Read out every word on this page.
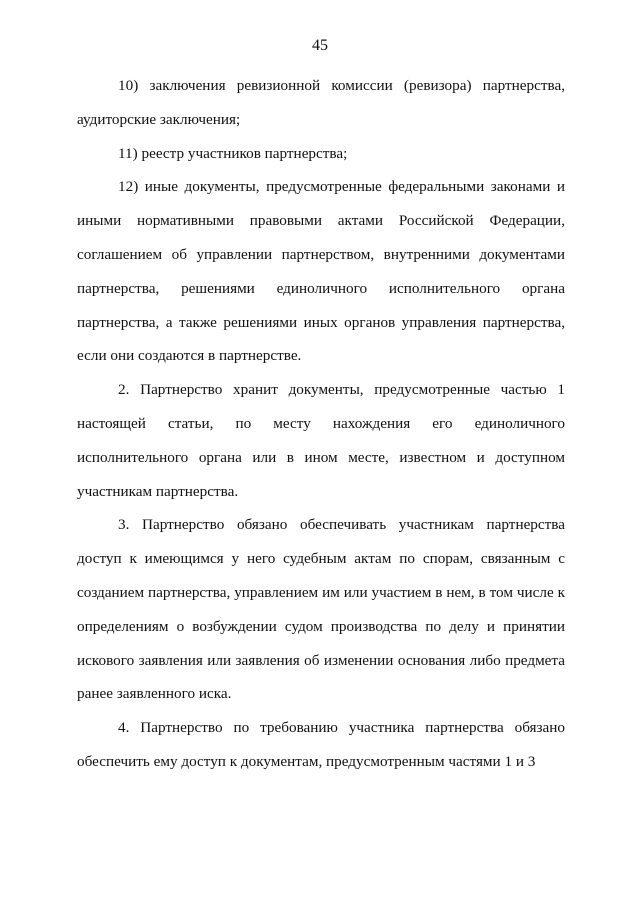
45

10) заключения ревизионной комиссии (ревизора) партнерства, аудиторские заключения;

11) реестр участников партнерства;

12) иные документы, предусмотренные федеральными законами и иными нормативными правовыми актами Российской Федерации, соглашением об управлении партнерством, внутренними документами партнерства, решениями единоличного исполнительного органа партнерства, а также решениями иных органов управления партнерства, если они создаются в партнерстве.

2. Партнерство хранит документы, предусмотренные частью 1 настоящей статьи, по месту нахождения его единоличного исполнительного органа или в ином месте, известном и доступном участникам партнерства.

3. Партнерство обязано обеспечивать участникам партнерства доступ к имеющимся у него судебным актам по спорам, связанным с созданием партнерства, управлением им или участием в нем, в том числе к определениям о возбуждении судом производства по делу и принятии искового заявления или заявления об изменении основания либо предмета ранее заявленного иска.

4. Партнерство по требованию участника партнерства обязано обеспечить ему доступ к документам, предусмотренным частями 1 и 3
